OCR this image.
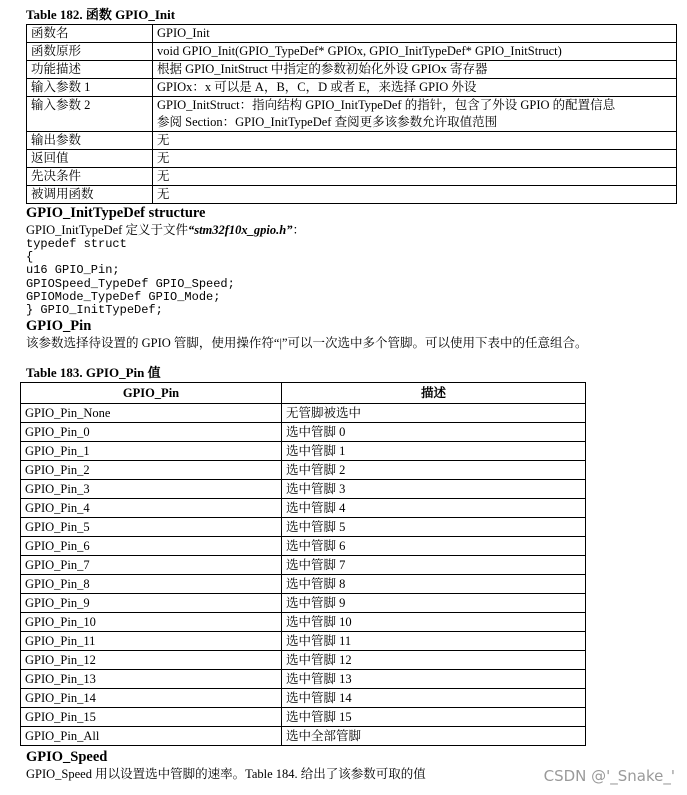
Table 182. 函数 GPIO_Init
函数名	GPIO_Init

函数原形	void GPIO_Init(GPIO_TypeDef* GPIOx, GPIO_InitTypeDef* GPIO_InitStruct)

功能描述	根据 GPIO_InitStruct 中指定的参数初始化外设 GPIOx 寄存器

输入参数 1	GPIOx：x 可以是 A，B，C，D 或者 E，来选择 GPIO 外设

输入参数 2	GPIO_InitStruct：指向结构 GPIO_InitTypeDef 的指针，包含了外设 GPIO 的配置信息
参阅 Section：GPIO_InitTypeDef 查阅更多该参数允许取值范围

输出参数	无

返回值	无

先决条件	无

被调用函数	无
GPIO_InitTypeDef structure
GPIO_InitTypeDef 定义于文件“stm32f10x_gpio.h”：
typedef struct
{
u16 GPIO_Pin;
GPIOSpeed_TypeDef GPIO_Speed;
GPIOMode_TypeDef GPIO_Mode;
} GPIO_InitTypeDef;
GPIO_Pin
该参数选择待设置的 GPIO 管脚，使用操作符“|”可以一次选中多个管脚。可以使用下表中的任意组合。
Table 183. GPIO_Pin 值
GPIO_Pin	描述
GPIO_Pin_None	无管脚被选中
GPIO_Pin_0	选中管脚 0
GPIO_Pin_1	选中管脚 1
GPIO_Pin_2	选中管脚 2
GPIO_Pin_3	选中管脚 3
GPIO_Pin_4	选中管脚 4
GPIO_Pin_5	选中管脚 5
GPIO_Pin_6	选中管脚 6
GPIO_Pin_7	选中管脚 7
GPIO_Pin_8	选中管脚 8
GPIO_Pin_9	选中管脚 9
GPIO_Pin_10	选中管脚 10
GPIO_Pin_11	选中管脚 11
GPIO_Pin_12	选中管脚 12
GPIO_Pin_13	选中管脚 13
GPIO_Pin_14	选中管脚 14
GPIO_Pin_15	选中管脚 15
GPIO_Pin_All	选中全部管脚
GPIO_Speed
GPIO_Speed 用以设置选中管脚的速率。Table 184. 给出了该参数可取的值	CSDN @'_Snake_'
